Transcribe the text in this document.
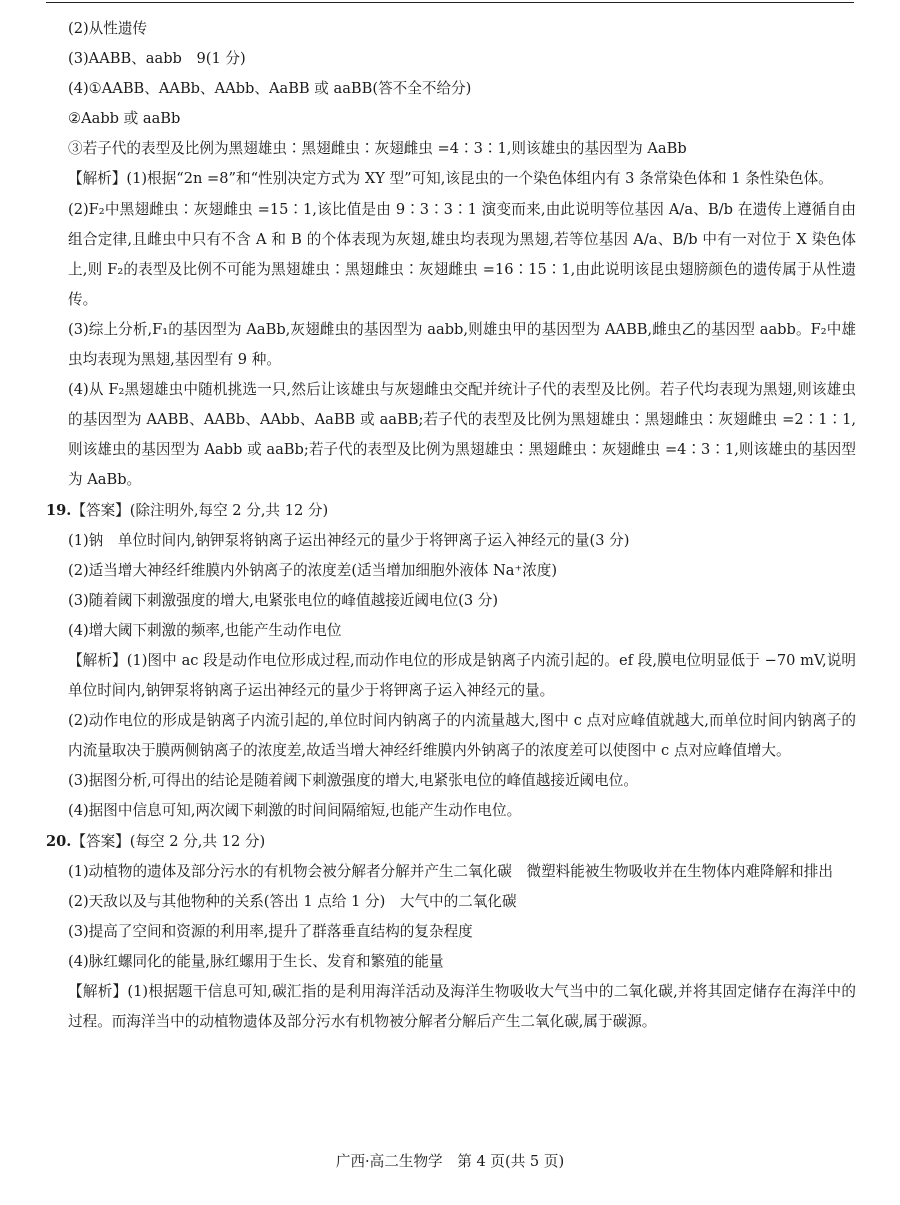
(2)从性遗传

(3)AABB、aabb　9(1 分)

(4)①AABB、AABb、AAbb、AaBB 或 aaBB(答不全不给分)

②Aabb 或 aaBb

③若子代的表型及比例为黑翅雄虫∶黑翅雌虫∶灰翅雌虫 =4∶3∶1,则该雄虫的基因型为 AaBb

【解析】(1)根据“2n =8”和“性别决定方式为 XY 型”可知,该昆虫的一个染色体组内有 3 条常染色体和 1 条性染色体。

(2)F₂中黑翅雌虫∶灰翅雌虫 =15∶1,该比值是由 9∶3∶3∶1 演变而来,由此说明等位基因 A/a、B/b 在遗传上遵循自由组合定律,且雌虫中只有不含 A 和 B 的个体表现为灰翅,雄虫均表现为黑翅,若等位基因 A/a、B/b 中有一对位于 X 染色体上,则 F₂的表型及比例不可能为黑翅雄虫∶黑翅雌虫∶灰翅雌虫 =16∶15∶1,由此说明该昆虫翅膀颜色的遗传属于从性遗传。

(3)综上分析,F₁的基因型为 AaBb,灰翅雌虫的基因型为 aabb,则雄虫甲的基因型为 AABB,雌虫乙的基因型 aabb。F₂中雄虫均表现为黑翅,基因型有 9 种。

(4)从 F₂黑翅雄虫中随机挑选一只,然后让该雄虫与灰翅雌虫交配并统计子代的表型及比例。若子代均表现为黑翅,则该雄虫的基因型为 AABB、AABb、AAbb、AaBB 或 aaBB;若子代的表型及比例为黑翅雄虫∶黑翅雌虫∶灰翅雌虫 =2∶1∶1,则该雄虫的基因型为 Aabb 或 aaBb;若子代的表型及比例为黑翅雄虫∶黑翅雌虫∶灰翅雌虫 =4∶3∶1,则该雄虫的基因型为 AaBb。

19.【答案】(除注明外,每空 2 分,共 12 分)

(1)钠　单位时间内,钠钾泵将钠离子运出神经元的量少于将钾离子运入神经元的量(3 分)

(2)适当增大神经纤维膜内外钠离子的浓度差(适当增加细胞外液体 Na⁺浓度)

(3)随着阈下刺激强度的增大,电紧张电位的峰值越接近阈电位(3 分)

(4)增大阈下刺激的频率,也能产生动作电位

【解析】(1)图中 ac 段是动作电位形成过程,而动作电位的形成是钠离子内流引起的。ef 段,膜电位明显低于 −70 mV,说明单位时间内,钠钾泵将钠离子运出神经元的量少于将钾离子运入神经元的量。

(2)动作电位的形成是钠离子内流引起的,单位时间内钠离子的内流量越大,图中 c 点对应峰值就越大,而单位时间内钠离子的内流量取决于膜两侧钠离子的浓度差,故适当增大神经纤维膜内外钠离子的浓度差可以使图中 c 点对应峰值增大。

(3)据图分析,可得出的结论是随着阈下刺激强度的增大,电紧张电位的峰值越接近阈电位。

(4)据图中信息可知,两次阈下刺激的时间间隔缩短,也能产生动作电位。

20.【答案】(每空 2 分,共 12 分)

(1)动植物的遗体及部分污水的有机物会被分解者分解并产生二氧化碳　微塑料能被生物吸收并在生物体内难降解和排出

(2)天敌以及与其他物种的关系(答出 1 点给 1 分)　大气中的二氧化碳

(3)提高了空间和资源的利用率,提升了群落垂直结构的复杂程度

(4)脉红螺同化的能量,脉红螺用于生长、发育和繁殖的能量

【解析】(1)根据题干信息可知,碳汇指的是利用海洋活动及海洋生物吸收大气当中的二氧化碳,并将其固定储存在海洋中的过程。而海洋当中的动植物遗体及部分污水有机物被分解者分解后产生二氧化碳,属于碳源。

广西·高二生物学　第 4 页(共 5 页)
